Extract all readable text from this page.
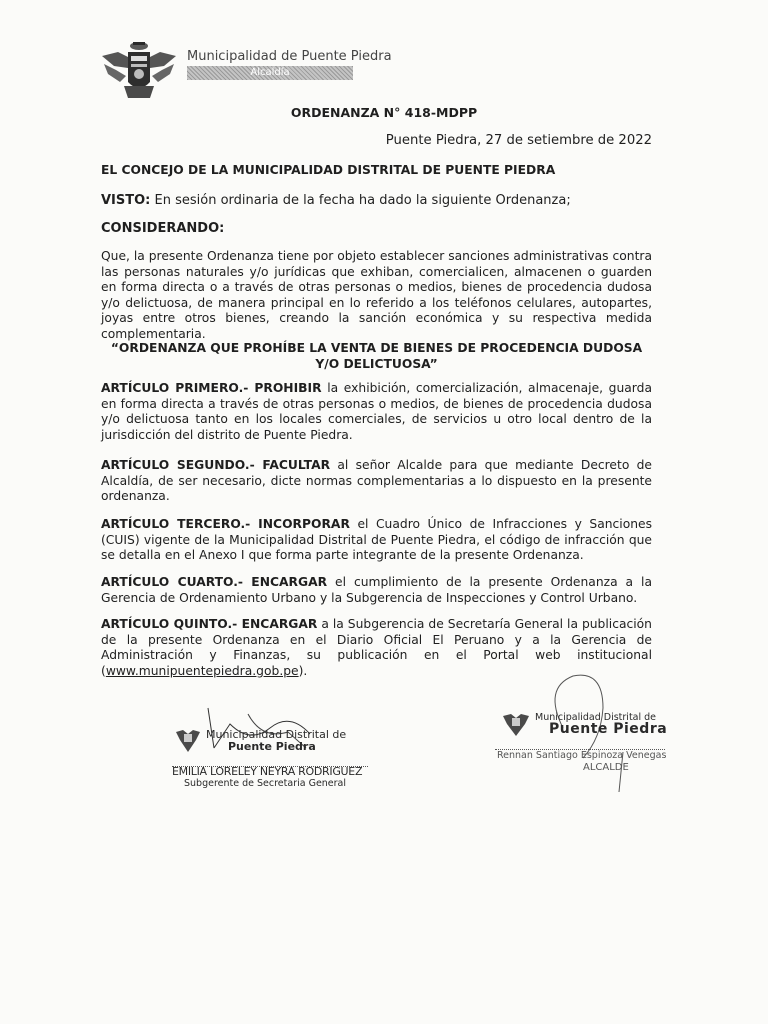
Municipalidad de Puente Piedra
Alcaldía
ORDENANZA N° 418-MDPP
Puente Piedra, 27 de setiembre de 2022
EL CONCEJO DE LA MUNICIPALIDAD DISTRITAL DE PUENTE PIEDRA
VISTO: En sesión ordinaria de la fecha ha dado la siguiente Ordenanza;
CONSIDERANDO:
Que, la presente Ordenanza tiene por objeto establecer sanciones administrativas contra las personas naturales y/o jurídicas que exhiban, comercialicen, almacenen o guarden en forma directa o a través de otras personas o medios, bienes de procedencia dudosa y/o delictuosa, de manera principal en lo referido a los teléfonos celulares, autopartes, joyas entre otros bienes, creando la sanción económica y su respectiva medida complementaria.
“ORDENANZA QUE PROHÍBE LA VENTA DE BIENES DE PROCEDENCIA DUDOSA Y/O DELICTUOSA”
ARTÍCULO PRIMERO.- PROHIBIR la exhibición, comercialización, almacenaje, guarda en forma directa a través de otras personas o medios, de bienes de procedencia dudosa y/o delictuosa tanto en los locales comerciales, de servicios u otro local dentro de la jurisdicción del distrito de Puente Piedra.
ARTÍCULO SEGUNDO.- FACULTAR al señor Alcalde para que mediante Decreto de Alcaldía, de ser necesario, dicte normas complementarias a lo dispuesto en la presente ordenanza.
ARTÍCULO TERCERO.- INCORPORAR el Cuadro Único de Infracciones y Sanciones (CUIS) vigente de la Municipalidad Distrital de Puente Piedra, el código de infracción que se detalla en el Anexo I que forma parte integrante de la presente Ordenanza.
ARTÍCULO CUARTO.- ENCARGAR el cumplimiento de la presente Ordenanza a la Gerencia de Ordenamiento Urbano y la Subgerencia de Inspecciones y Control Urbano.
ARTÍCULO QUINTO.- ENCARGAR a la Subgerencia de Secretaría General la publicación de la presente Ordenanza en el Diario Oficial El Peruano y a la Gerencia de Administración y Finanzas, su publicación en el Portal web institucional (www.munipuentepiedra.gob.pe).
Municipalidad Distrital de
Puente Piedra
EMILIA LORELEY NEYRA RODRIGUEZ
Subgerente de Secretaria General
Municipalidad Distrital de
Puente Piedra
Rennan Santiago Espinoza Venegas
ALCALDE
